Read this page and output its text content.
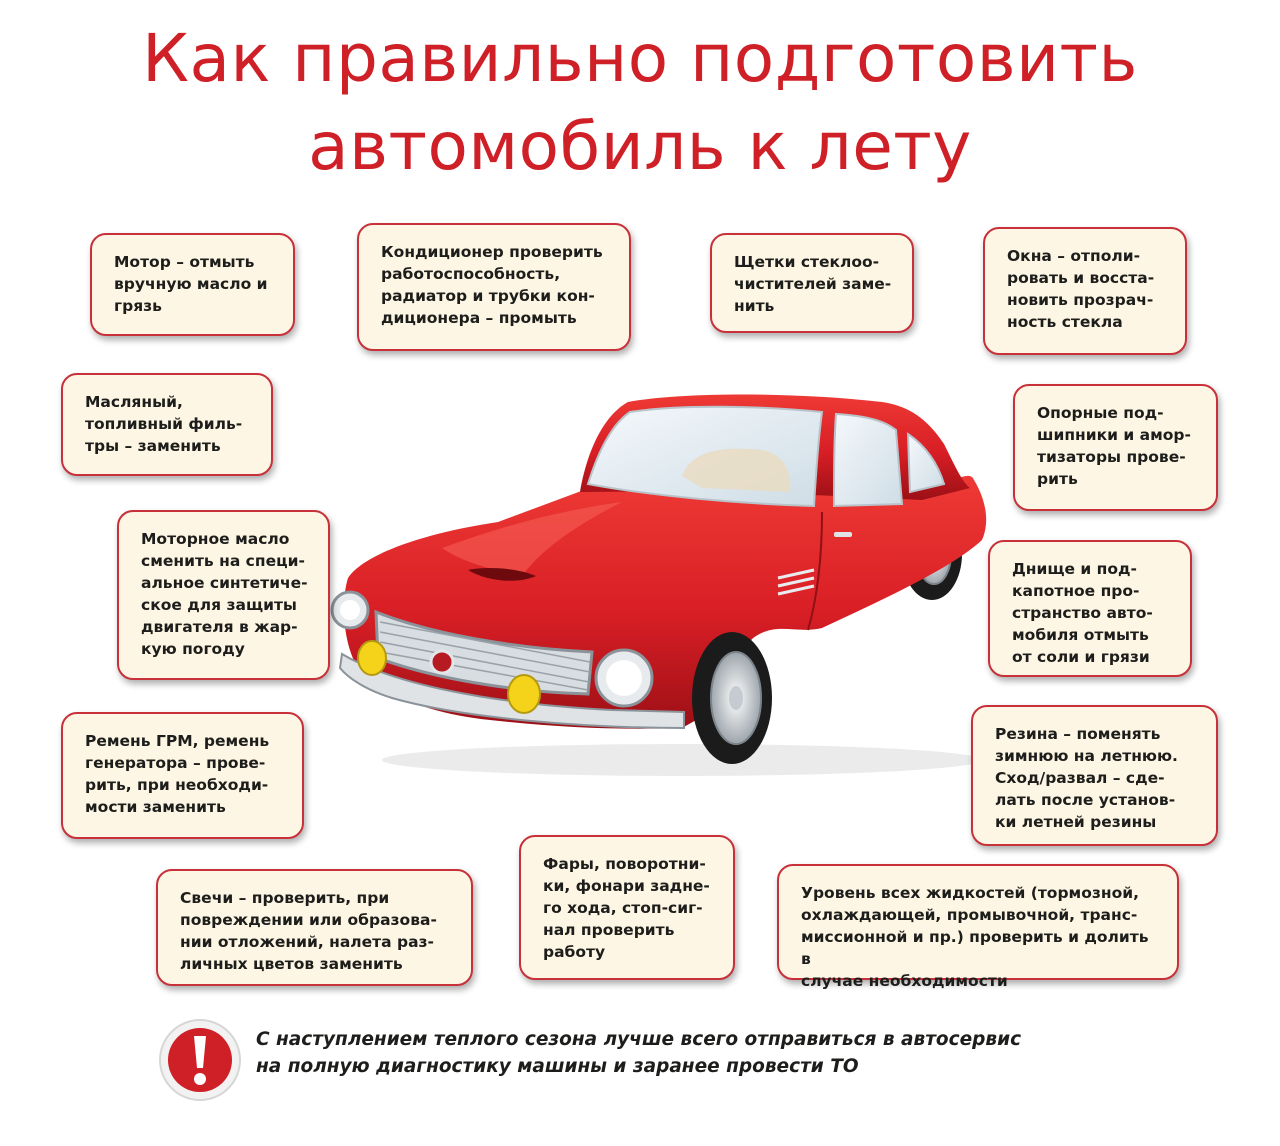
Как правильно подготовить
автомобиль к лету
Мотор – отмыть
вручную масло и
грязь
Кондиционер проверить
работоспособность,
радиатор и трубки кон-
диционера – промыть
Щетки стеклоо-
чистителей заме-
нить
Окна – отполи-
ровать и восста-
новить прозрач-
ность стекла
Масляный,
топливный филь-
тры – заменить
Опорные под-
шипники и амор-
тизаторы прове-
рить
Моторное масло
сменить на специ-
альное синтетиче-
ское для защиты
двигателя в жар-
кую погоду
Днище и под-
капотное про-
странство авто-
мобиля отмыть
от соли и грязи
Ремень ГРМ, ремень
генератора – прове-
рить, при необходи-
мости заменить
Резина – поменять
зимнюю на летнюю.
Сход/развал – сде-
лать после установ-
ки летней резины
Свечи – проверить, при
повреждении или образова-
нии отложений, налета раз-
личных цветов заменить
Фары, поворотни-
ки, фонари задне-
го хода, стоп-сиг-
нал проверить
работу
Уровень всех жидкостей (тормозной,
охлаждающей, промывочной, транс-
миссионной и пр.) проверить и долить в
случае необходимости
С наступлением теплого сезона лучше всего отправиться в автосервис
на полную диагностику машины и заранее провести ТО
